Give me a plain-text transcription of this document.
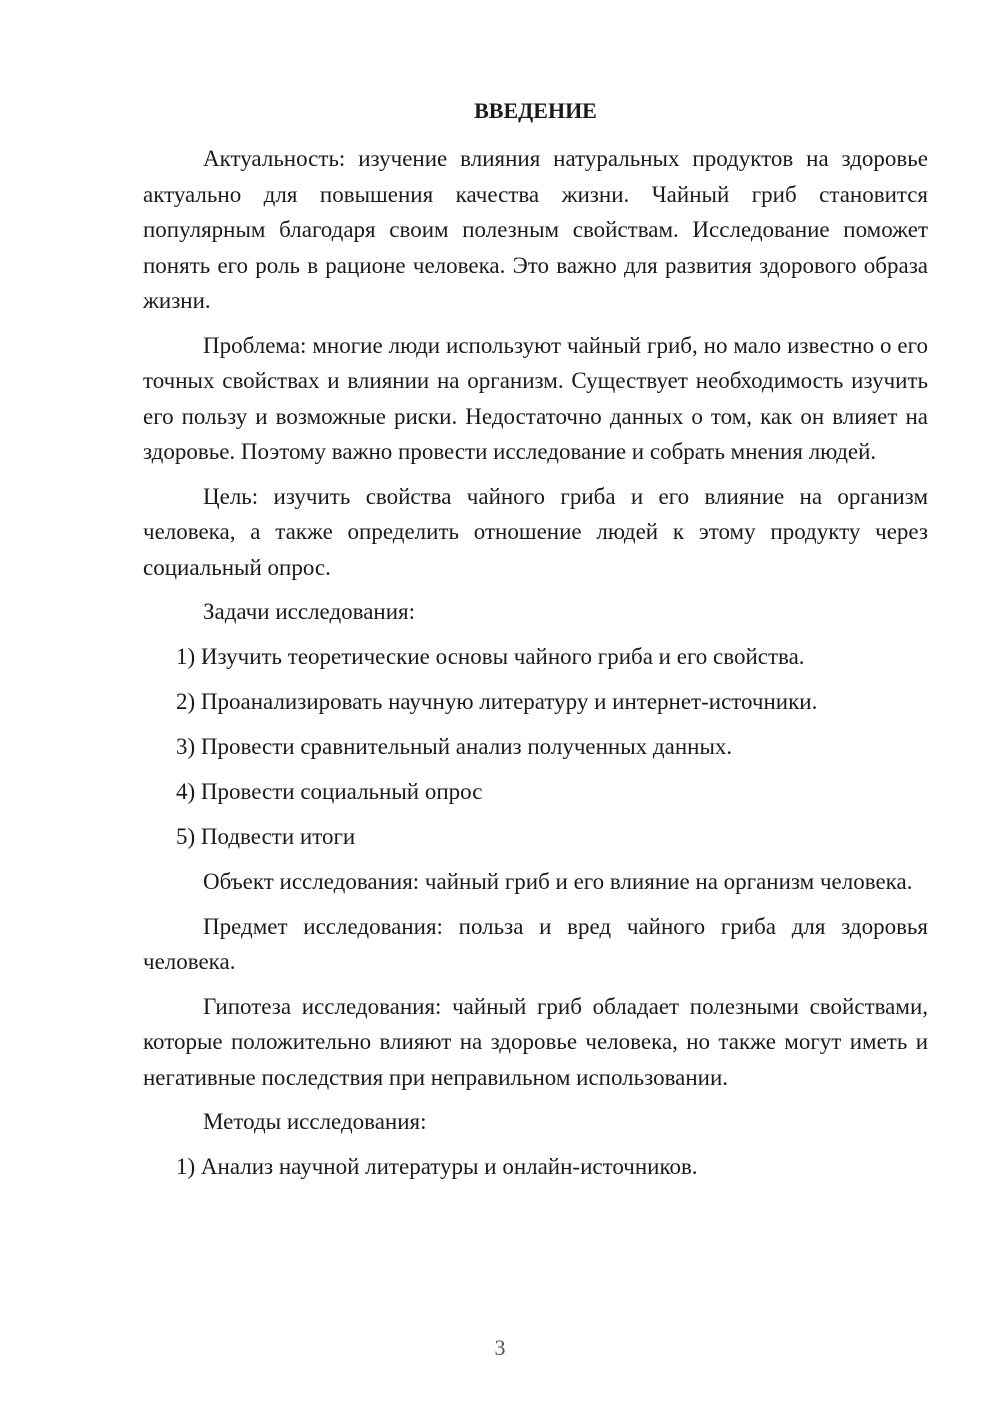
ВВЕДЕНИЕ

Актуальность: изучение влияния натуральных продуктов на здоровье актуально для повышения качества жизни. Чайный гриб становится популярным благодаря своим полезным свойствам. Исследование поможет понять его роль в рационе человека. Это важно для развития здорового образа жизни.

Проблема: многие люди используют чайный гриб, но мало известно о его точных свойствах и влиянии на организм. Существует необходимость изучить его пользу и возможные риски. Недостаточно данных о том, как он влияет на здоровье. Поэтому важно провести исследование и собрать мнения людей.

Цель: изучить свойства чайного гриба и его влияние на организм человека, а также определить отношение людей к этому продукту через социальный опрос.

Задачи исследования:

1) Изучить теоретические основы чайного гриба и его свойства.

2) Проанализировать научную литературу и интернет-источники.

3) Провести сравнительный анализ полученных данных.

4) Провести социальный опрос

5) Подвести итоги

Объект исследования: чайный гриб и его влияние на организм человека.

Предмет исследования: польза и вред чайного гриба для здоровья человека.

Гипотеза исследования: чайный гриб обладает полезными свойствами, которые положительно влияют на здоровье человека, но также могут иметь и негативные последствия при неправильном использовании.

Методы исследования:

1) Анализ научной литературы и онлайн-источников.

3
